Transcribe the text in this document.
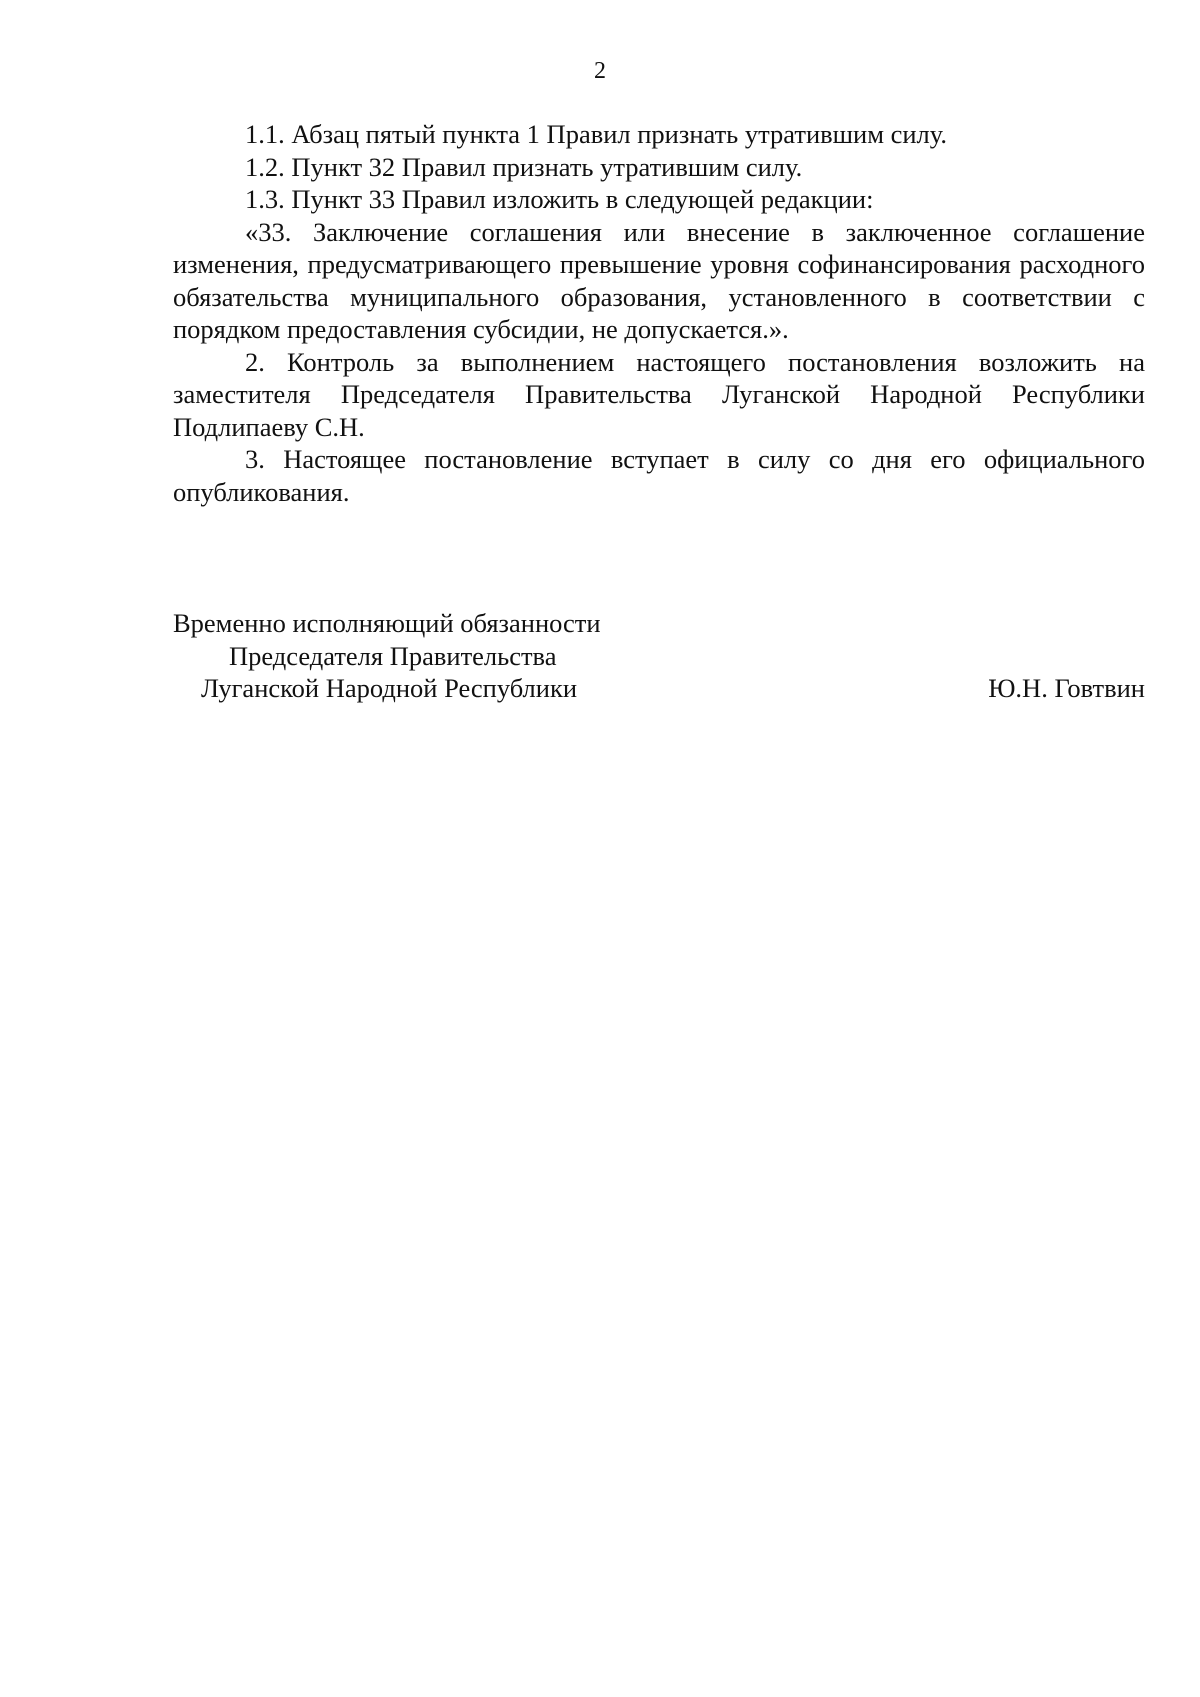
2

1.1. Абзац пятый пункта 1 Правил признать утратившим силу.

1.2. Пункт 32 Правил признать утратившим силу.

1.3. Пункт 33 Правил изложить в следующей редакции:

«33. Заключение соглашения или внесение в заключенное соглашение изменения, предусматривающего превышение уровня софинансирования расходного обязательства муниципального образования, установленного в соответствии с порядком предоставления субсидии, не допускается.».

2. Контроль за выполнением настоящего постановления возложить на заместителя Председателя Правительства Луганской Народной Республики Подлипаеву С.Н.

3. Настоящее постановление вступает в силу со дня его официального опубликования.

Временно исполняющий обязанности
Председателя Правительства
Луганской Народной Республики	Ю.Н. Говтвин
